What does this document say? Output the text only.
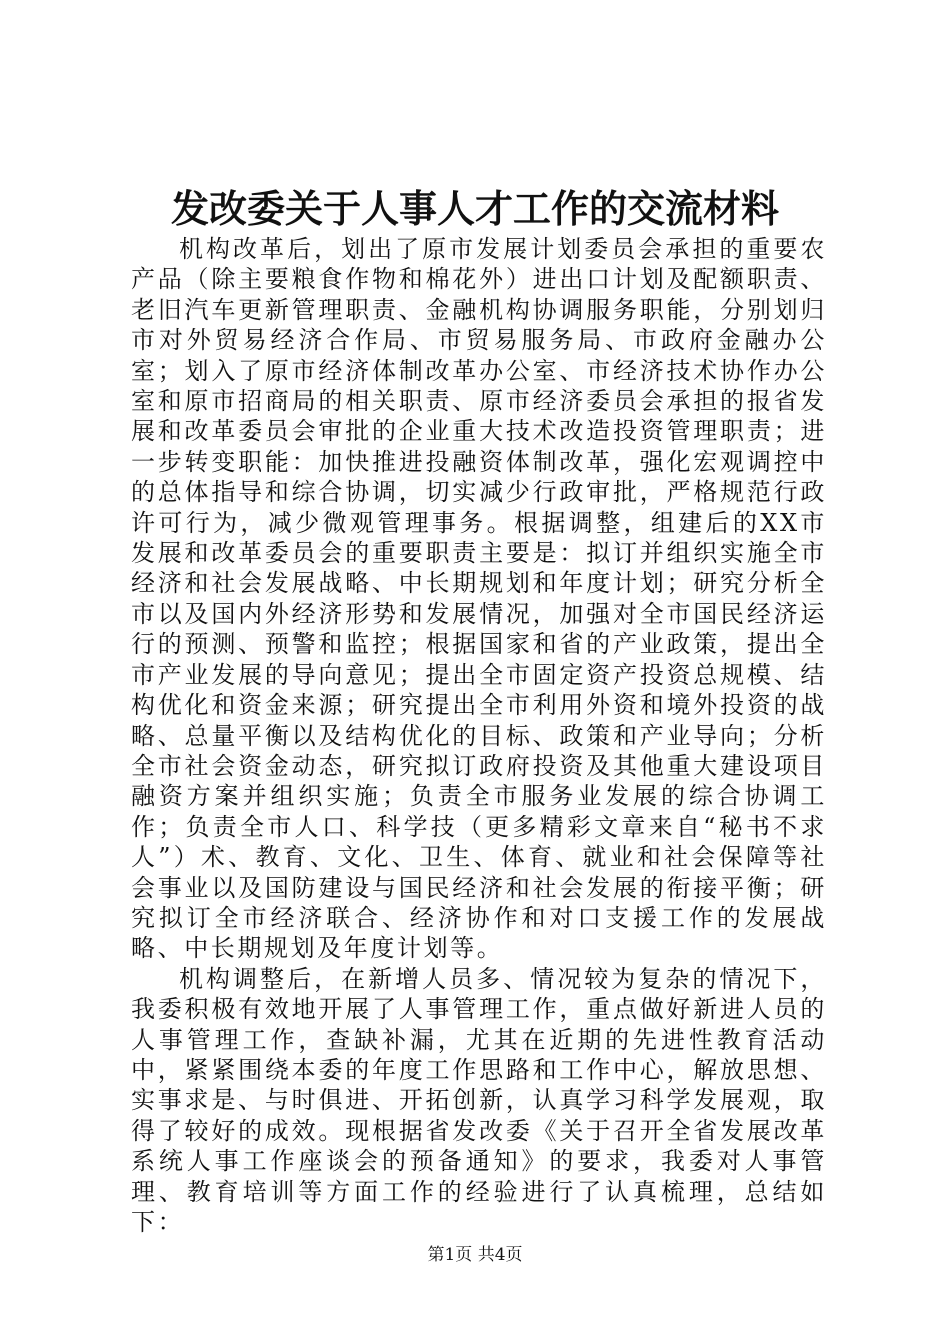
发改委关于人事人才工作的交流材料

机构改革后，划出了原市发展计划委员会承担的重要农产品（除主要粮食作物和棉花外）进出口计划及配额职责、老旧汽车更新管理职责、金融机构协调服务职能，分别划归市对外贸易经济合作局、市贸易服务局、市政府金融办公室；划入了原市经济体制改革办公室、市经济技术协作办公室和原市招商局的相关职责、原市经济委员会承担的报省发展和改革委员会审批的企业重大技术改造投资管理职责；进一步转变职能：加快推进投融资体制改革，强化宏观调控中的总体指导和综合协调，切实减少行政审批，严格规范行政许可行为，减少微观管理事务。根据调整，组建后的XX市发展和改革委员会的重要职责主要是：拟订并组织实施全市经济和社会发展战略、中长期规划和年度计划；研究分析全市以及国内外经济形势和发展情况，加强对全市国民经济运行的预测、预警和监控；根据国家和省的产业政策，提出全市产业发展的导向意见；提出全市固定资产投资总规模、结构优化和资金来源；研究提出全市利用外资和境外投资的战略、总量平衡以及结构优化的目标、政策和产业导向；分析全市社会资金动态，研究拟订政府投资及其他重大建设项目融资方案并组织实施；负责全市服务业发展的综合协调工作；负责全市人口、科学技（更多精彩文章来自“秘书不求人”）术、教育、文化、卫生、体育、就业和社会保障等社会事业以及国防建设与国民经济和社会发展的衔接平衡；研究拟订全市经济联合、经济协作和对口支援工作的发展战略、中长期规划及年度计划等。

机构调整后，在新增人员多、情况较为复杂的情况下，我委积极有效地开展了人事管理工作，重点做好新进人员的人事管理工作，查缺补漏，尤其在近期的先进性教育活动中，紧紧围绕本委的年度工作思路和工作中心，解放思想、实事求是、与时俱进、开拓创新，认真学习科学发展观，取得了较好的成效。现根据省发改委《关于召开全省发展改革系统人事工作座谈会的预备通知》的要求，我委对人事管理、教育培训等方面工作的经验进行了认真梳理，总结如下：

第1页 共4页
